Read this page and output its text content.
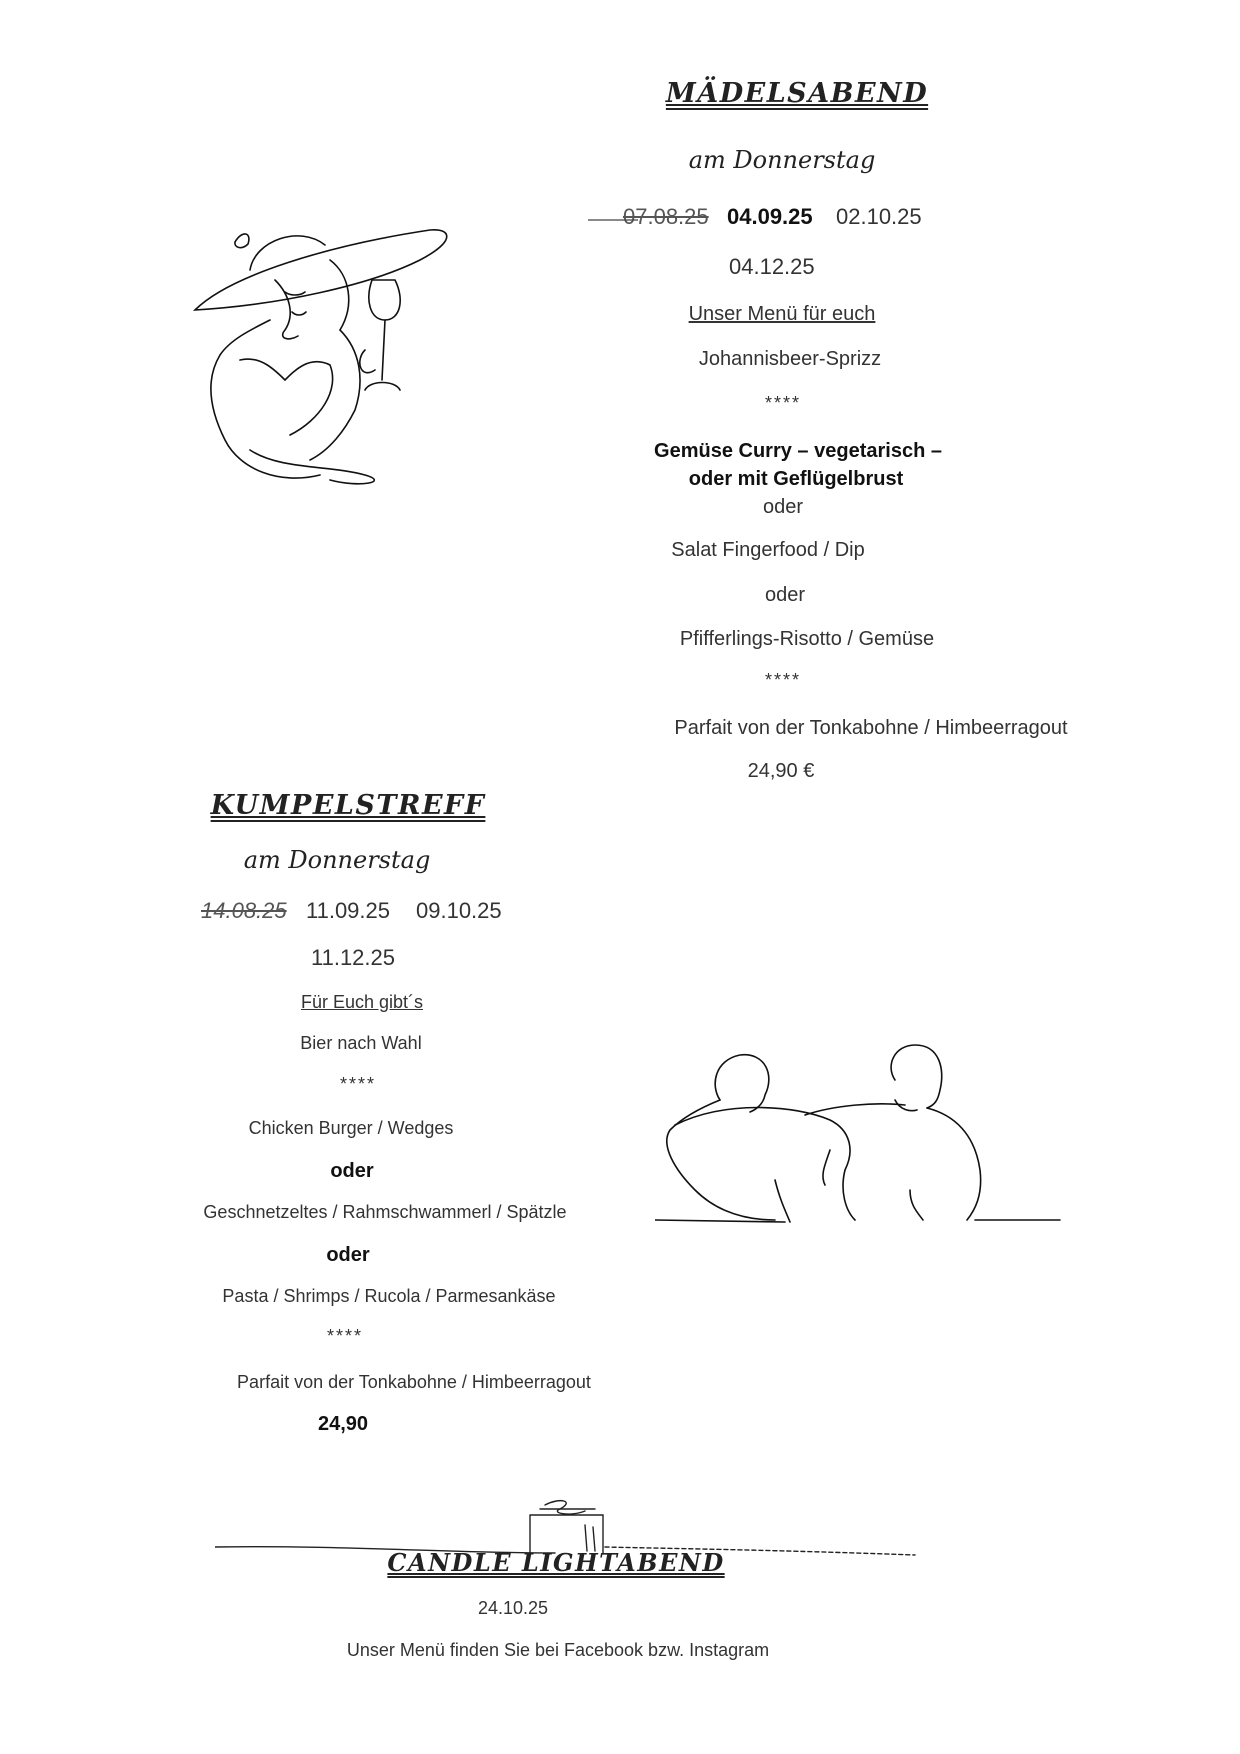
MÄDELSABEND
am Donnerstag
07.08.25 04.09.25 02.10.25
04.12.25
Unser Menü für euch
Johannisbeer-Sprizz
****
Gemüse Curry – vegetarisch –
oder mit Geflügelbrust
oder
Salat Fingerfood / Dip
oder
Pfifferlings-Risotto / Gemüse
****
Parfait von der Tonkabohne / Himbeerragout
24,90 €
KUMPELSTREFF
am Donnerstag
14.08.25 11.09.25 09.10.25
11.12.25
Für Euch gibt´s
Bier nach Wahl
****
Chicken Burger / Wedges
oder
Geschnetzeltes / Rahmschwammerl / Spätzle
oder
Pasta / Shrimps / Rucola / Parmesankäse
****
Parfait von der Tonkabohne / Himbeerragout
24,90
CANDLE LIGHTABEND
24.10.25
Unser Menü finden Sie bei Facebook bzw. Instagram
